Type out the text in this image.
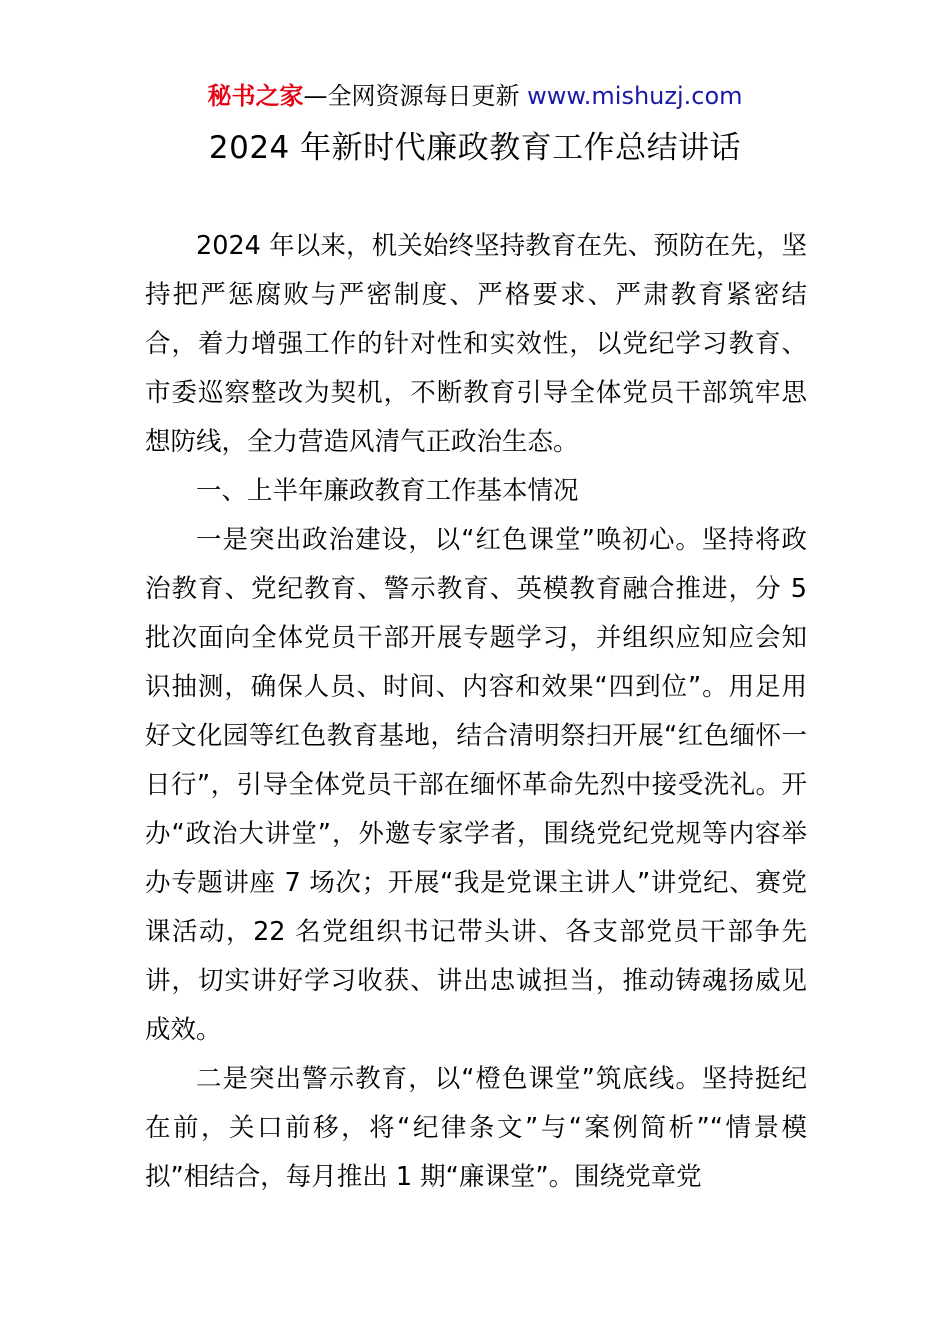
秘书之家—全网资源每日更新 www.mishuzj.com
2024 年新时代廉政教育工作总结讲话

2024 年以来，机关始终坚持教育在先、预防在先，坚持把严惩腐败与严密制度、严格要求、严肃教育紧密结合，着力增强工作的针对性和实效性，以党纪学习教育、市委巡察整改为契机，不断教育引导全体党员干部筑牢思想防线，全力营造风清气正政治生态。

一、上半年廉政教育工作基本情况

一是突出政治建设，以“红色课堂”唤初心。坚持将政治教育、党纪教育、警示教育、英模教育融合推进，分 5 批次面向全体党员干部开展专题学习，并组织应知应会知识抽测，确保人员、时间、内容和效果“四到位”。用足用好文化园等红色教育基地，结合清明祭扫开展“红色缅怀一日行”，引导全体党员干部在缅怀革命先烈中接受洗礼。开办“政治大讲堂”，外邀专家学者，围绕党纪党规等内容举办专题讲座 7 场次；开展“我是党课主讲人”讲党纪、赛党课活动，22 名党组织书记带头讲、各支部党员干部争先讲，切实讲好学习收获、讲出忠诚担当，推动铸魂扬威见成效。

二是突出警示教育，以“橙色课堂”筑底线。坚持挺纪在前，关口前移，将“纪律条文”与“案例简析”“情景模拟”相结合，每月推出 1 期“廉课堂”。围绕党章党
